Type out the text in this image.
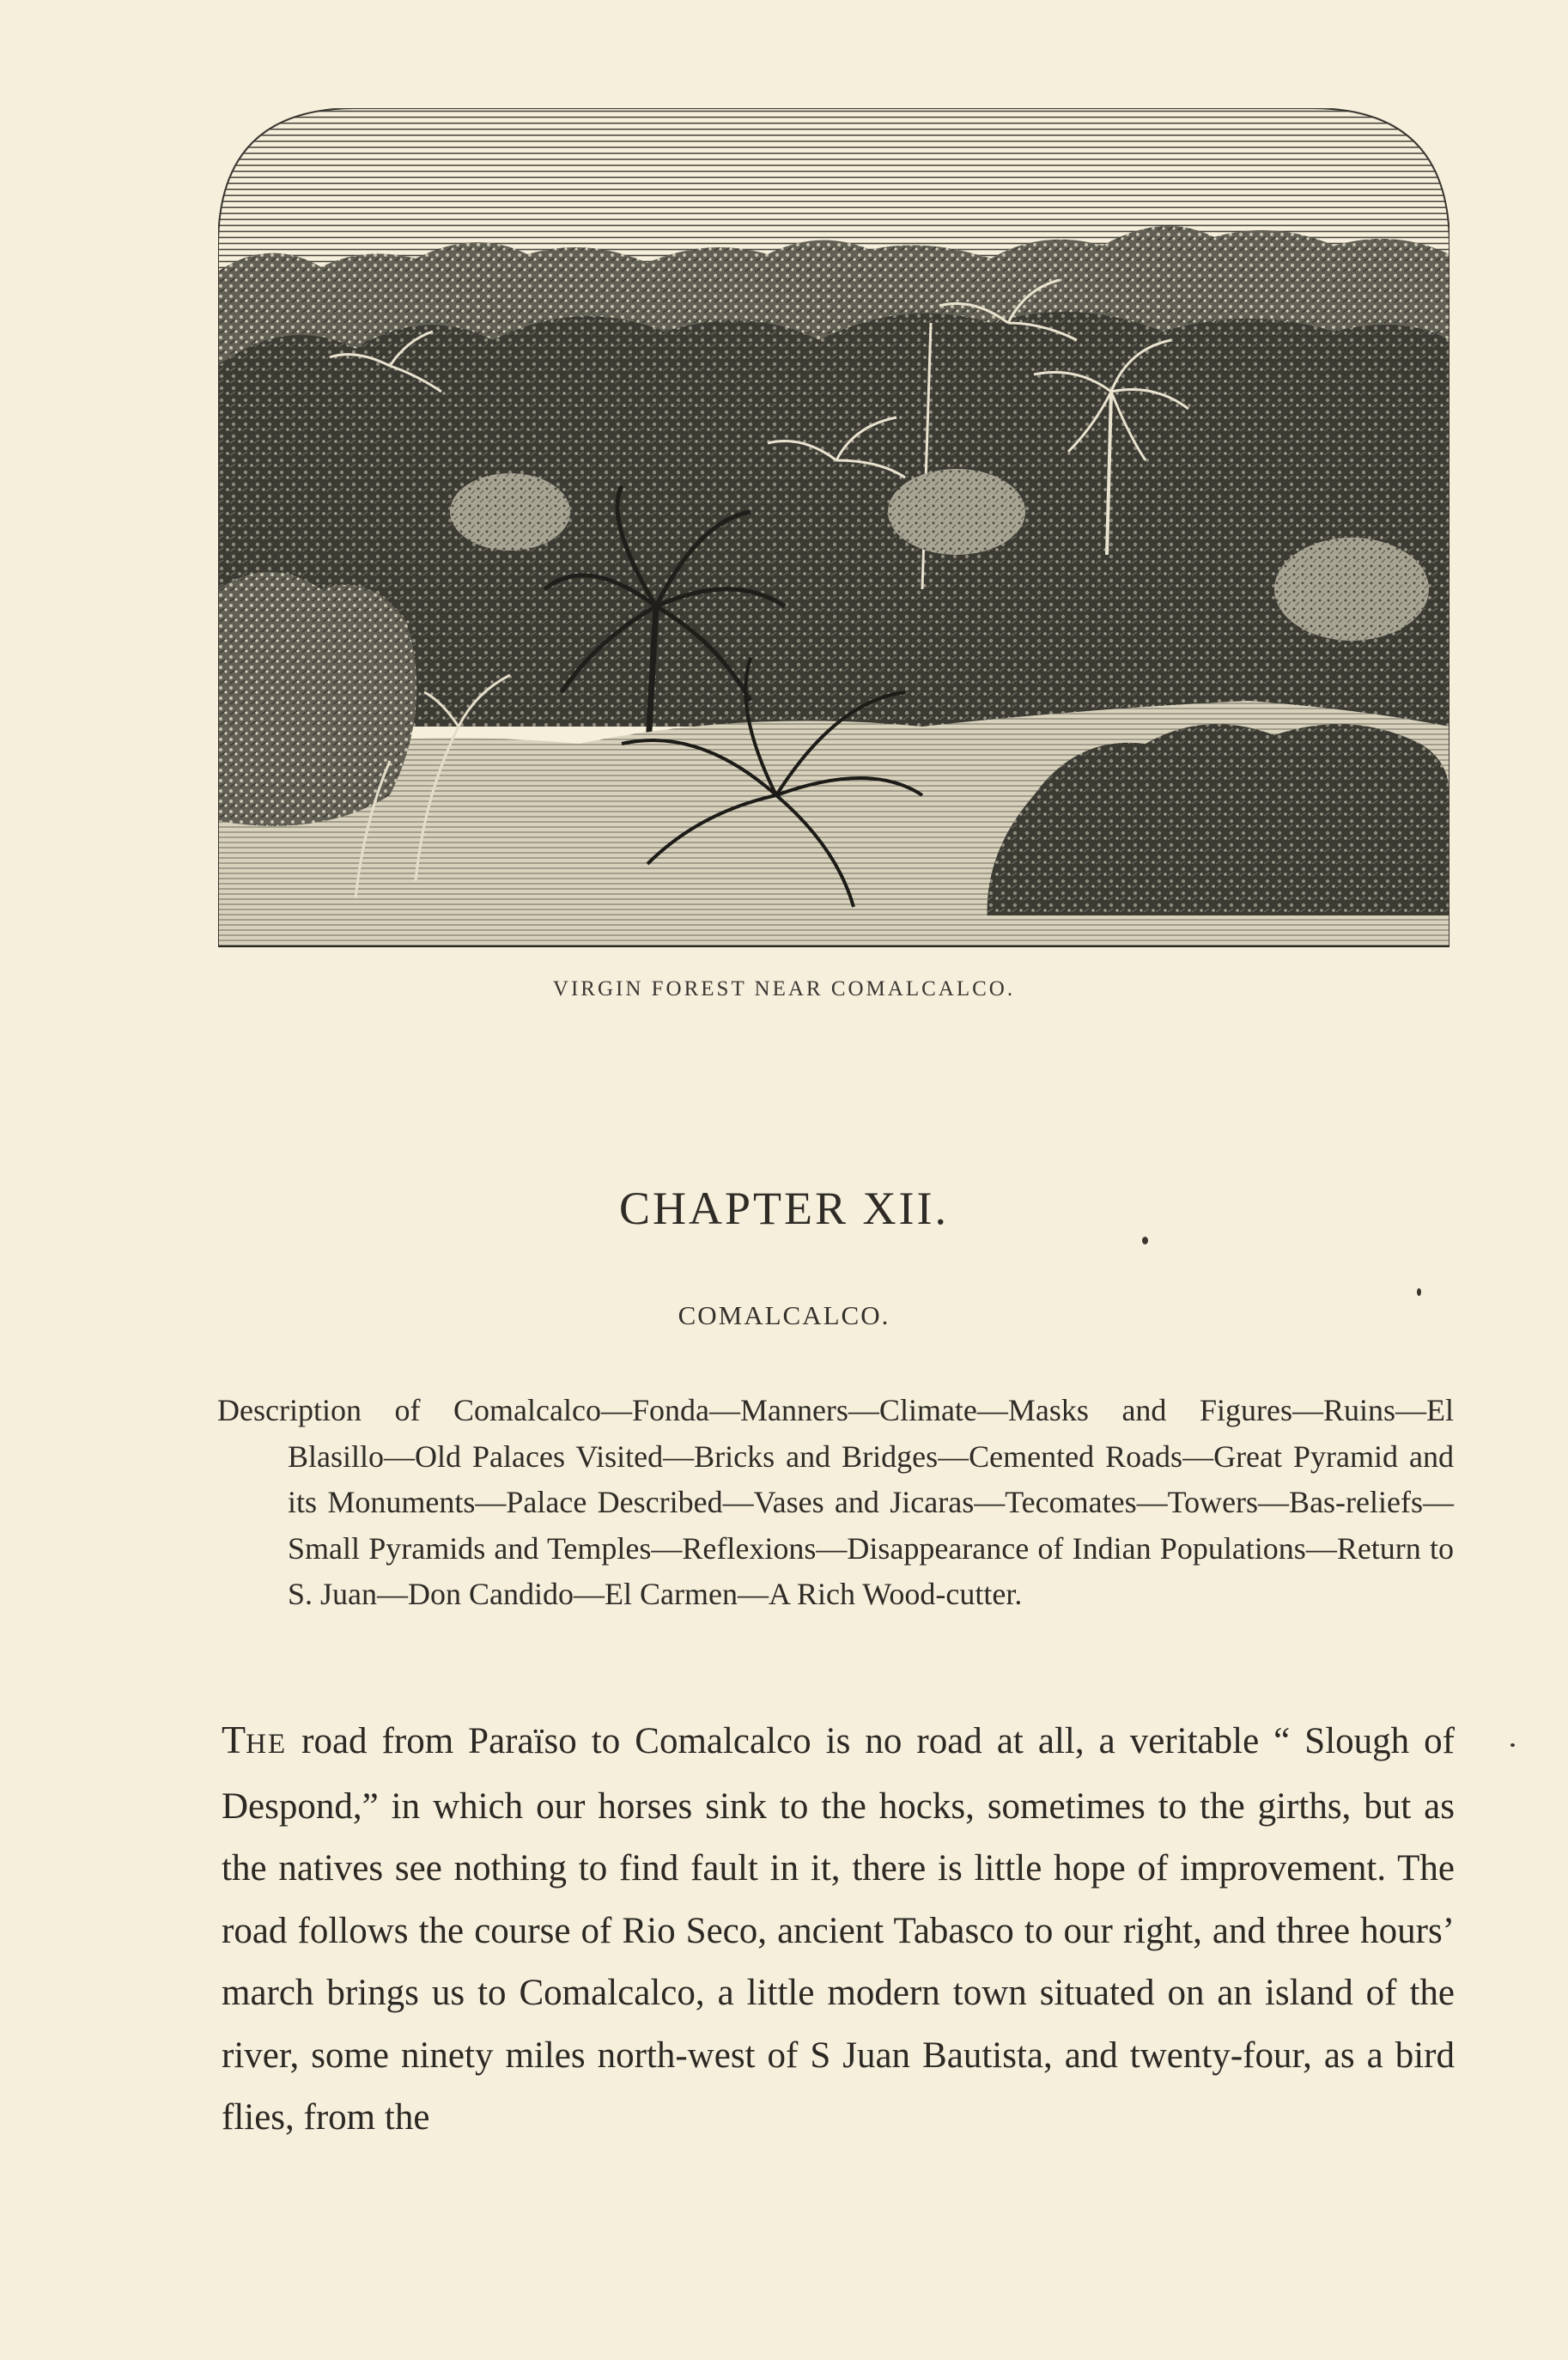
VIRGIN FOREST NEAR COMALCALCO.
CHAPTER XII.
COMALCALCO.

Description of Comalcalco—Fonda—Manners—Climate—Masks and Figures—Ruins—El Blasillo—Old Palaces Visited—Bricks and Bridges—Cemented Roads—Great Pyramid and its Monuments—Palace Described—Vases and Jicaras—Tecomates—Towers—Bas-reliefs—Small Pyramids and Temples—Reflexions—Disappearance of Indian Populations—Return to S. Juan—Don Candido—El Carmen—A Rich Wood-cutter.

THE road from Paraïso to Comalcalco is no road at all, a veritable “ Slough of Despond,” in which our horses sink to the hocks, sometimes to the girths, but as the natives see nothing to find fault in it, there is little hope of improvement. The road follows the course of Rio Seco, ancient Tabasco to our right, and three hours’ march brings us to Comalcalco, a little modern town situated on an island of the river, some ninety miles north-west of S Juan Bautista, and twenty-four, as a bird flies, from the
